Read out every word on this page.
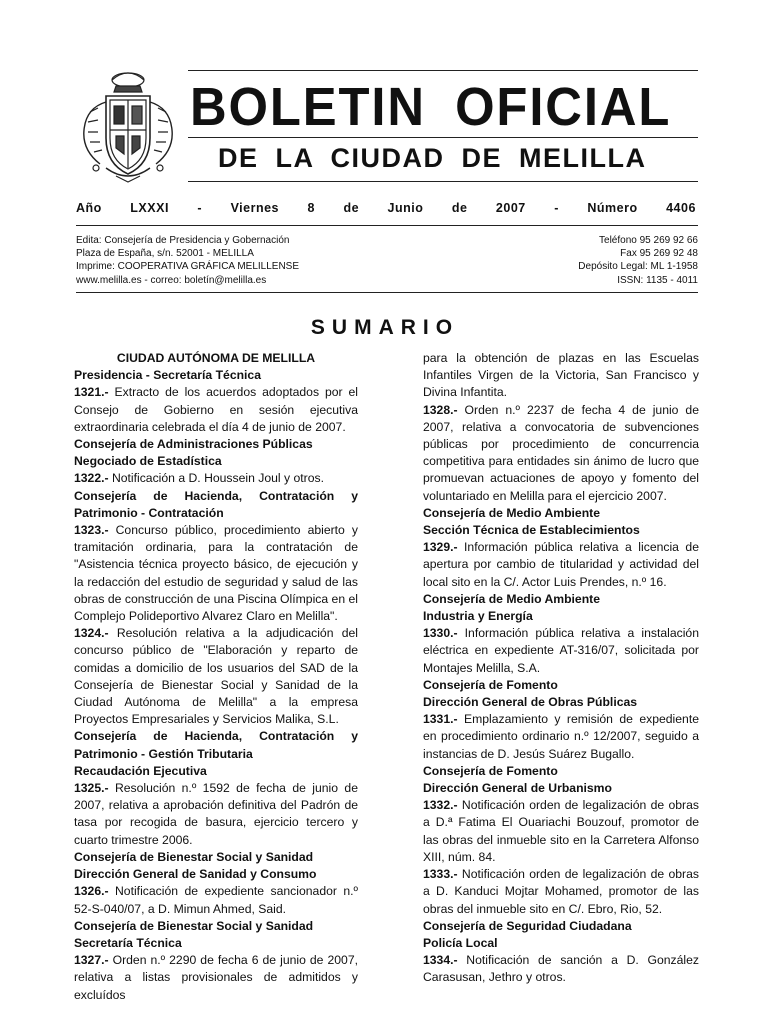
BOLETIN OFICIAL
DE LA CIUDAD DE MELILLA
Año LXXXI - Viernes 8 de Junio de 2007 - Número 4406
Edita: Consejería de Presidencia y Gobernación
Plaza de España, s/n. 52001 - MELILLA
Imprime: COOPERATIVA GRÁFICA MELILLENSE
www.melilla.es - correo: boletín@melilla.es
Teléfono 95 269 92 66
Fax 95 269 92 48
Depósito Legal: ML 1-1958
ISSN: 1135 - 4011
SUMARIO

CIUDAD AUTÓNOMA DE MELILLA

Presidencia - Secretaría Técnica

1321.- Extracto de los acuerdos adoptados por el Consejo de Gobierno en sesión ejecutiva extraordinaria celebrada el día 4 de junio de 2007.

Consejería de Administraciones Públicas

Negociado de Estadística

1322.- Notificación a D. Houssein Joul y otros.

Consejería de Hacienda, Contratación y

Patrimonio - Contratación

1323.- Concurso público, procedimiento abierto y tramitación ordinaria, para la contratación de "Asistencia técnica proyecto básico, de ejecución y la redacción del estudio de seguridad y salud de las obras de construcción de una Piscina Olímpica en el Complejo Polideportivo Alvarez Claro en Melilla".

1324.- Resolución relativa a la adjudicación del concurso público de "Elaboración y reparto de comidas a domicilio de los usuarios del SAD de la Consejería de Bienestar Social y Sanidad de la Ciudad Autónoma de Melilla" a la empresa Proyectos Empresariales y Servicios Malika, S.L.

Consejería de Hacienda, Contratación y

Patrimonio - Gestión Tributaria

Recaudación Ejecutiva

1325.- Resolución n.º 1592 de fecha de junio de 2007, relativa a aprobación definitiva del Padrón de tasa por recogida de basura, ejercicio tercero y cuarto trimestre 2006.

Consejería de Bienestar Social y Sanidad

Dirección General de Sanidad y Consumo

1326.- Notificación de expediente sancionador n.º 52-S-040/07, a D. Mimun Ahmed, Said.

Consejería de Bienestar Social y Sanidad

Secretaría Técnica

1327.- Orden n.º 2290 de fecha 6 de junio de 2007, relativa a listas provisionales de admitidos y excluídos

para la obtención de plazas en las Escuelas Infantiles Virgen de la Victoria, San Francisco y Divina Infantita.

1328.- Orden n.º 2237 de fecha 4 de junio de 2007, relativa a convocatoria de subvenciones públicas por procedimiento de concurrencia competitiva para entidades sin ánimo de lucro que promuevan actuaciones de apoyo y fomento del voluntariado en Melilla para el ejercicio 2007.

Consejería de Medio Ambiente

Sección Técnica de Establecimientos

1329.- Información pública relativa a licencia de apertura por cambio de titularidad y actividad del local sito en la C/. Actor Luis Prendes, n.º 16.

Consejería de Medio Ambiente

Industria y Energía

1330.- Información pública relativa a instalación eléctrica en expediente AT-316/07, solicitada por Montajes Melilla, S.A.

Consejería de Fomento

Dirección General de Obras Públicas

1331.- Emplazamiento y remisión de expediente en procedimiento ordinario n.º 12/2007, seguido a instancias de D. Jesús Suárez Bugallo.

Consejería de Fomento

Dirección General de Urbanismo

1332.- Notificación orden de legalización de obras a D.ª Fatima El Ouariachi Bouzouf, promotor de las obras del inmueble sito en la Carretera Alfonso XIII, núm. 84.

1333.- Notificación orden de legalización de obras a D. Kanduci Mojtar Mohamed, promotor de las obras del inmueble sito en C/. Ebro, Rio, 52.

Consejería de Seguridad Ciudadana

Policía Local

1334.- Notificación de sanción a D. González Carasusan, Jethro y otros.
